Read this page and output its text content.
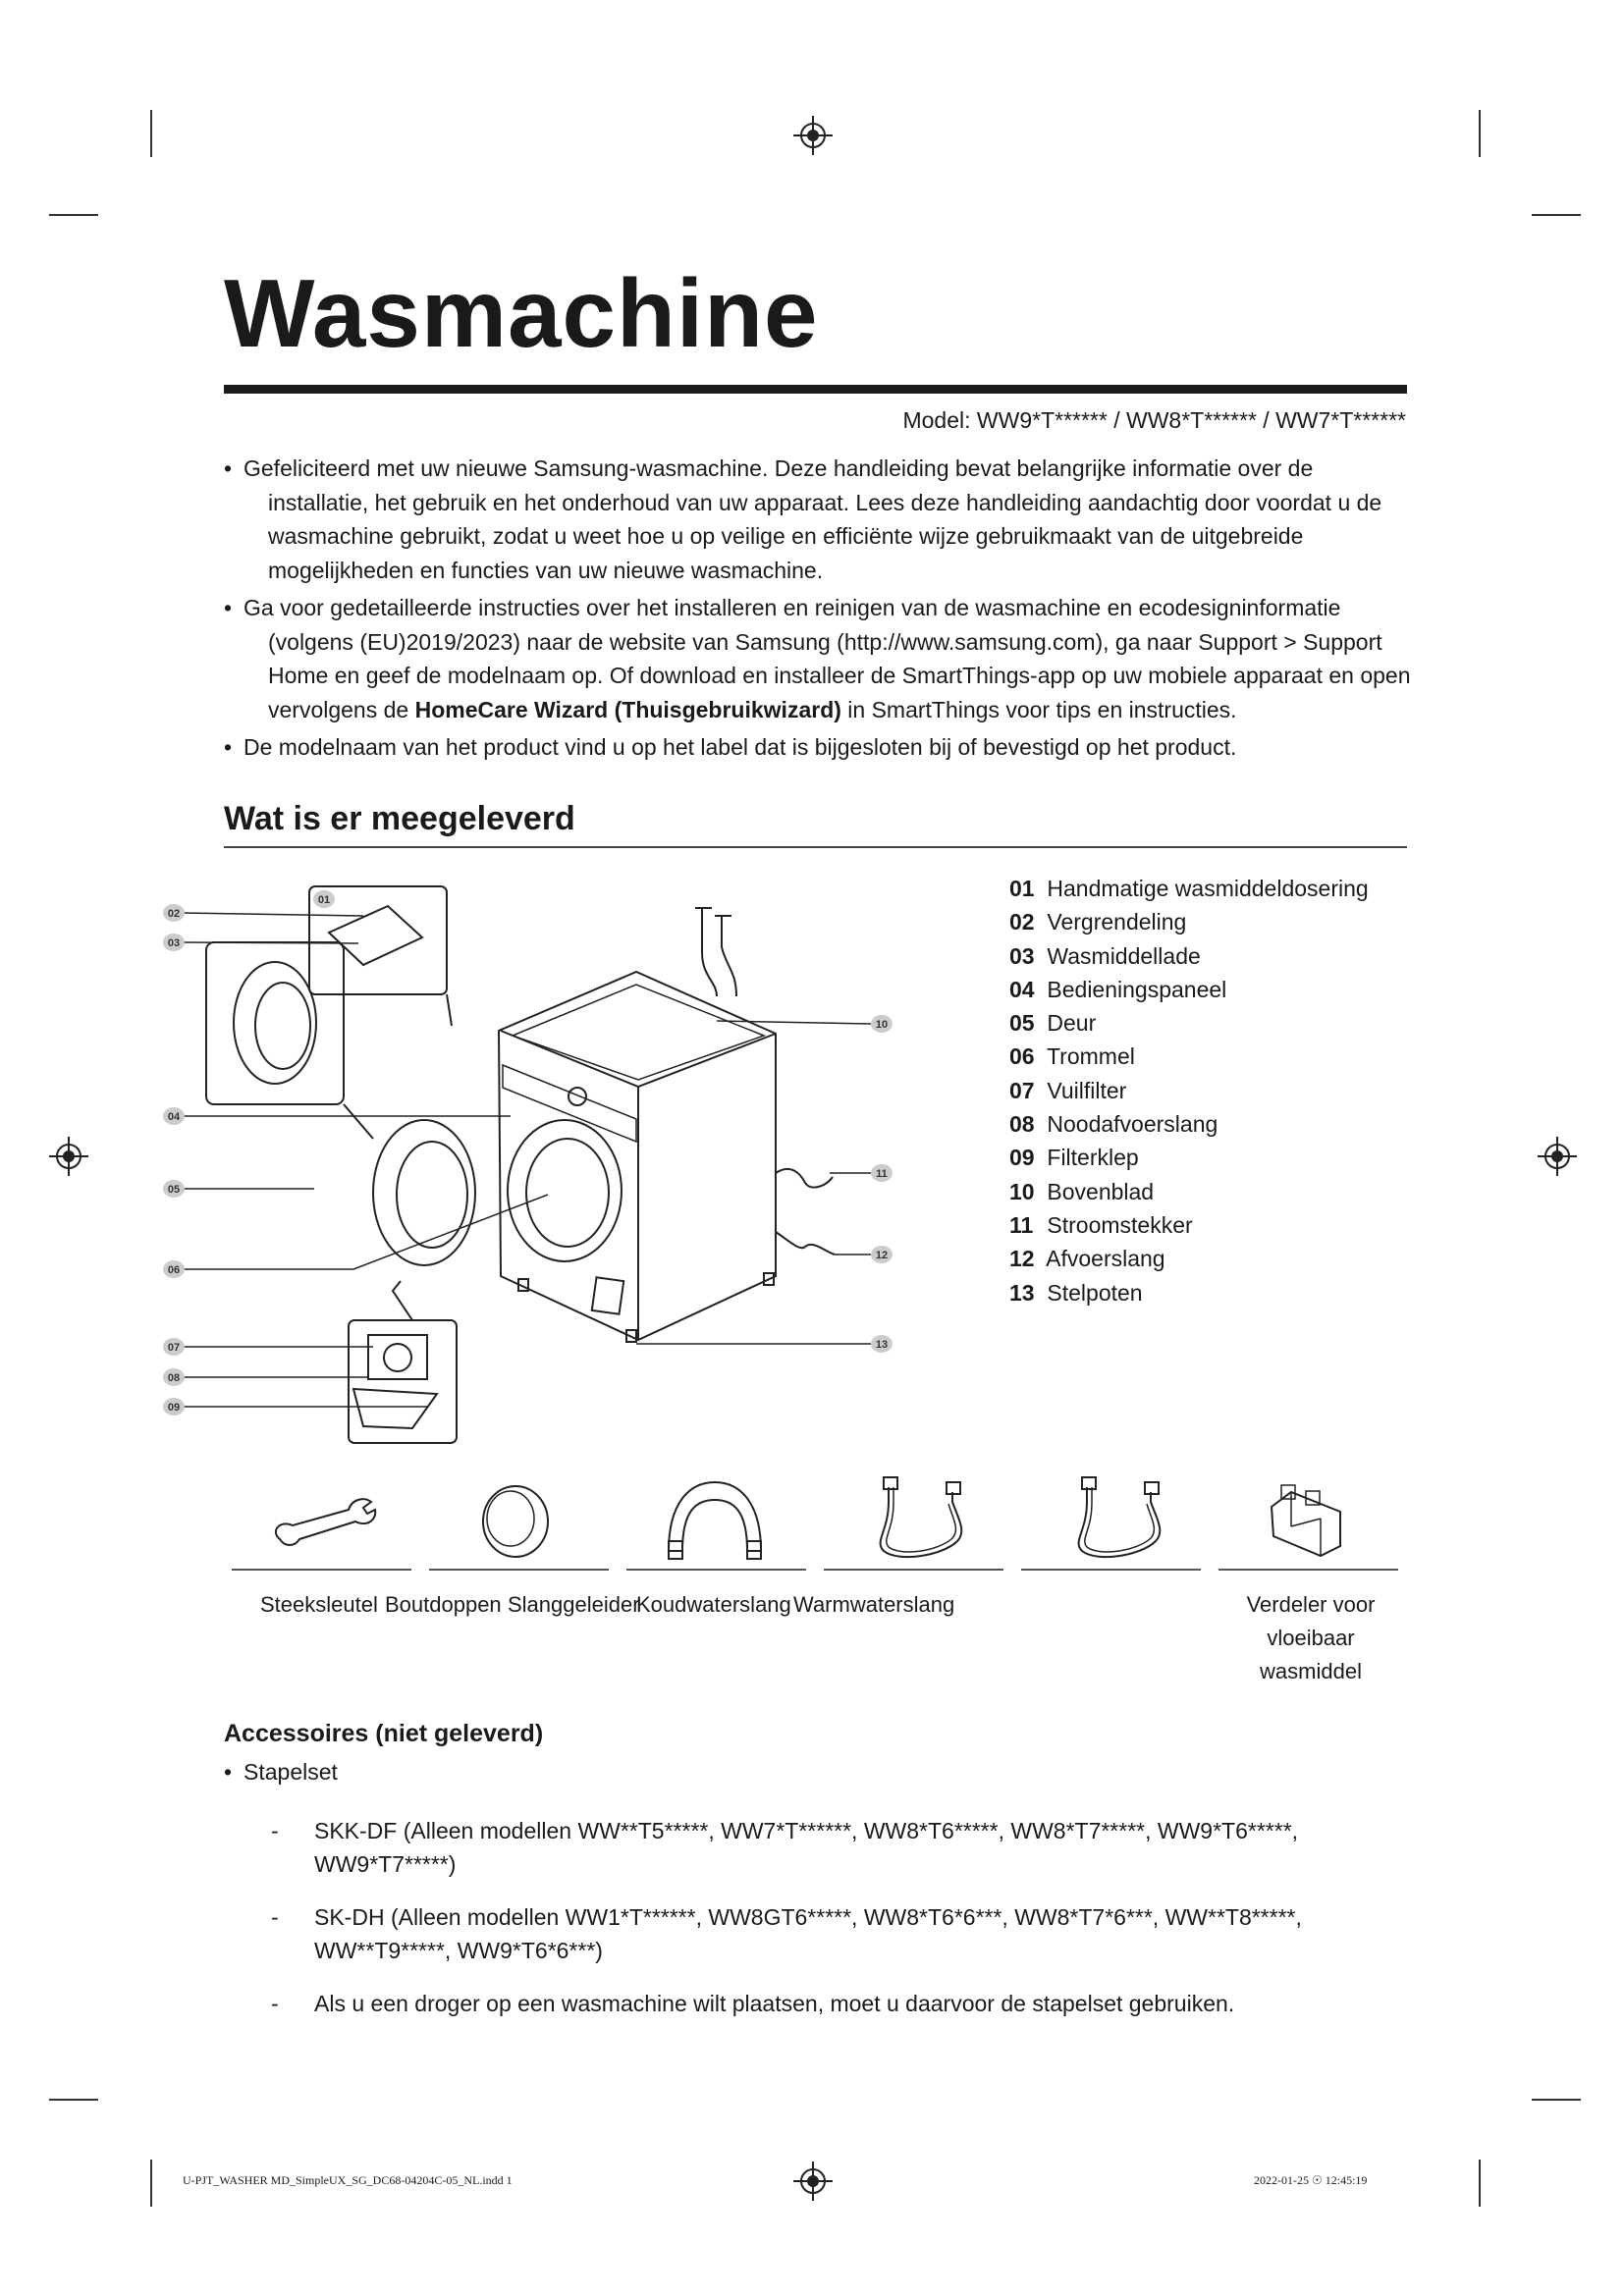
Wasmachine
Model: WW9*T****** / WW8*T****** / WW7*T******
• Gefeliciteerd met uw nieuwe Samsung-wasmachine. Deze handleiding bevat belangrijke informatie over de
installatie, het gebruik en het onderhoud van uw apparaat. Lees deze handleiding aandachtig door voordat u de wasmachine gebruikt, zodat u weet hoe u op veilige en efficiënte wijze gebruikmaakt van de uitgebreide mogelijkheden en functies van uw nieuwe wasmachine.
• Ga voor gedetailleerde instructies over het installeren en reinigen van de wasmachine en ecodesigninformatie
(volgens (EU)2019/2023) naar de website van Samsung (http://www.samsung.com), ga naar Support > Support Home en geef de modelnaam op. Of download en installeer de SmartThings-app op uw mobiele apparaat en open vervolgens de HomeCare Wizard (Thuisgebruikwizard) in SmartThings voor tips en instructies.
• De modelnaam van het product vind u op het label dat is bijgesloten bij of bevestigd op het product.
Wat is er meegeleverd
02
03
01
04
05
06
07
08
09
10
11
12
13
01 Handmatige wasmiddeldosering
02 Vergrendeling
03 Wasmiddellade
04 Bedieningspaneel
05 Deur
06 Trommel
07 Vuilfilter
08 Noodafvoerslang
09 Filterklep
10 Bovenblad
11 Stroomstekker
12 Afvoerslang
13 Stelpoten
Steeksleutel Boutdoppen Slanggeleider
Koudwaterslang Warmwaterslang	Verdeler voor vloeibaar wasmiddel
Accessoires (niet geleverd)
• Stapelset
- SKK-DF (Alleen modellen WW**T5*****, WW7*T******, WW8*T6*****, WW8*T7*****, WW9*T6*****, WW9*T7*****)
- SK-DH (Alleen modellen WW1*T******, WW8GT6*****, WW8*T6*6***, WW8*T7*6***, WW**T8*****, WW**T9*****, WW9*T6*6***)
- Als u een droger op een wasmachine wilt plaatsen, moet u daarvoor de stapelset gebruiken.
U-PJT_WASHER MD_SimpleUX_SG_DC68-04204C-05_NL.indd 1	2022-01-25 ☉ 12:45:19
